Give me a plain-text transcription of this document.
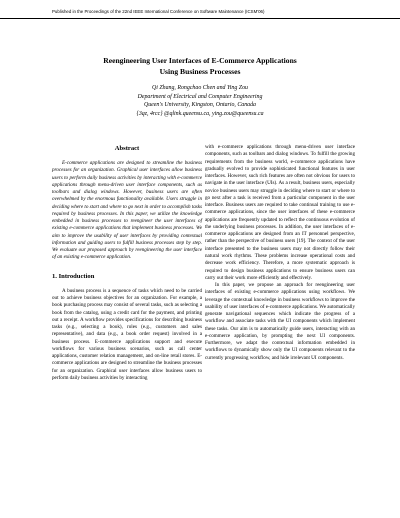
Published in the Proceedings of the 22nd IEEE International Conference on Software Maintenance (ICSM'06)
Reengineering User Interfaces of E-Commerce Applications
Using Business Processes
Qi Zhang, Rongchao Chen and Ying Zou
Department of Electrical and Computer Engineering
Queen's University, Kingston, Ontario, Canada
{3qz, 4rcc} @qlink.queensu.ca, ying.zou@queensu.ca
Abstract

E-commerce applications are designed to streamline the business processes for an organization. Graphical user interfaces allow business users to perform daily business activities by interacting with e-commerce applications through menu-driven user interface components, such as toolbars and dialog windows. However, business users are often overwhelmed by the enormous functionality available. Users struggle in deciding where to start and where to go next in order to accomplish tasks required by business processes. In this paper, we utilize the knowledge embedded in business processes to reengineer the user interfaces of existing e-commerce applications that implement business processes. We aim to improve the usability of user interfaces by providing contextual information and guiding users to fulfill business processes step by step. We evaluate our proposed approach by reengineering the user interface of an existing e-commerce application.

1. Introduction

A business process is a sequence of tasks which need to be carried out to achieve business objectives for an organization. For example, a book purchasing process may consist of several tasks, such as selecting a book from the catalog, using a credit card for the payment, and printing out a receipt. A workflow provides specifications for describing business tasks (e.g., selecting a book), roles (e.g., customers and sales representative), and data (e.g., a book order request) involved in a business process. E-commerce applications support and execute workflows for various business scenarios, such as call center applications, customer relation management, and on-line retail stores. E-commerce applications are designed to streamline the business processes for an organization. Graphical user interfaces allow business users to perform daily business activities by interacting

with e-commerce applications through menu-driven user interface components, such as toolbars and dialog windows. To fulfill the growing requirements from the business world, e-commerce applications have gradually evolved to provide sophisticated functional features in user interfaces. However, such rich features are often not obvious for users to navigate in the user interface (UIs). As a result, business users, especially novice business users may struggle in deciding where to start or where to go next after a task is received from a particular component in the user interface. Business users are required to take continual training to use e-commerce applications, since the user interfaces of these e-commerce applications are frequently updated to reflect the continuous evolution of the underlying business processes. In addition, the user interfaces of e-commerce applications are designed from an IT personnel perspective, rather than the perspective of business users [19]. The context of the user interface presented to the business users may not directly follow their natural work rhythms. These problems increase operational costs and decrease work efficiency. Therefore, a more systematic approach is required to design business applications to ensure business users can carry out their work more efficiently and effectively.

In this paper, we propose an approach for reengineering user interfaces of existing e-commerce applications using workflows. We leverage the contextual knowledge in business workflows to improve the usability of user interfaces of e-commerce applications. We automatically generate navigational sequences which indicate the progress of a workflow and associate tasks with the UI components which implement these tasks. Our aim is to automatically guide users, interacting with an e-commerce application, by prompting the next UI components. Furthermore, we adapt the contextual information embedded in workflows to dynamically show only the UI components relevant to the currently progressing workflow, and hide irrelevant UI components.
